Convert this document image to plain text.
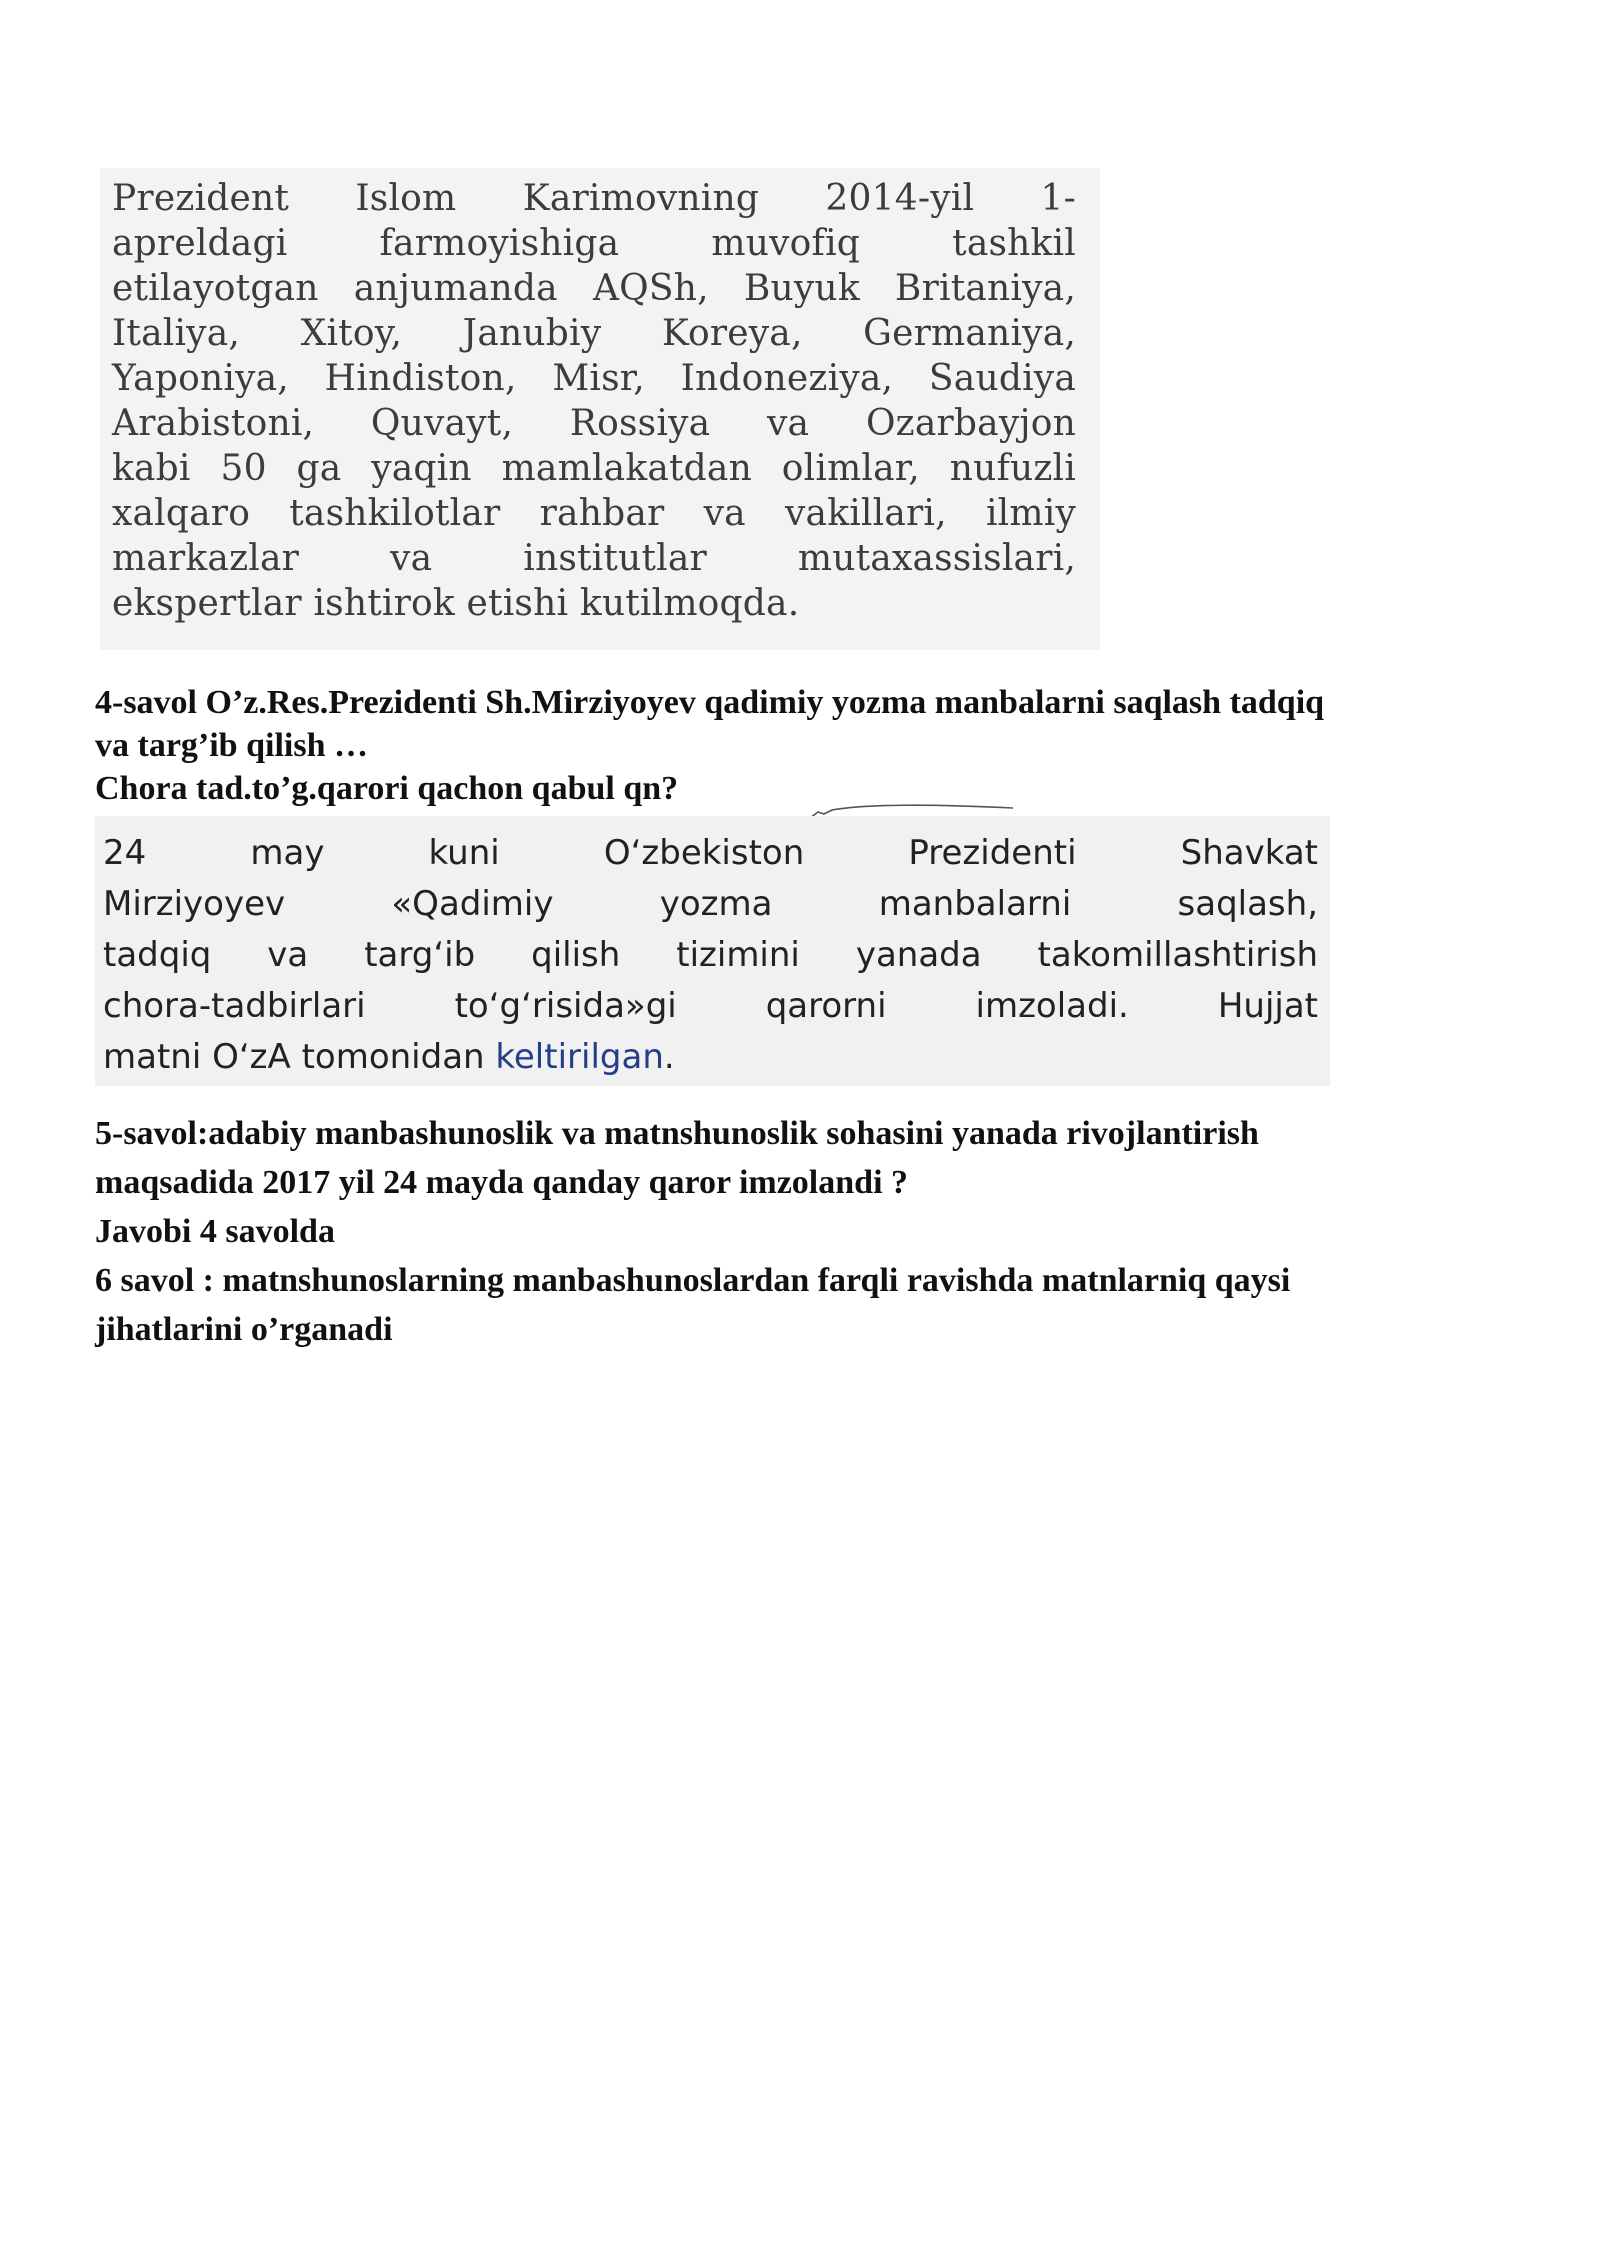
Prezident Islom Karimovning 2014-yil 1-
apreldagi farmoyishiga muvofiq tashkil
etilayotgan anjumanda AQSh, Buyuk Britaniya,
Italiya, Xitoy, Janubiy Koreya, Germaniya,
Yaponiya, Hindiston, Misr, Indoneziya, Saudiya
Arabistoni, Quvayt, Rossiya va Ozarbayjon
kabi 50 ga yaqin mamlakatdan olimlar, nufuzli
xalqaro tashkilotlar rahbar va vakillari, ilmiy
markazlar va institutlar mutaxassislari,
ekspertlar ishtirok etishi kutilmoqda.
4-savol O’z.Res.Prezidenti Sh.Mirziyoyev qadimiy yozma manbalarni saqlash tadqiq
va targ’ib qilish …
Chora tad.to’g.qarori qachon qabul qn?
24 may kuni O‘zbekiston Prezidenti Shavkat
Mirziyoyev «Qadimiy yozma manbalarni saqlash,
tadqiq va targ‘ib qilish tizimini yanada takomillashtirish
chora-tadbirlari to‘g‘risida»gi qarorni imzoladi. Hujjat
matni O‘zA tomonidan keltirilgan.
5-savol:adabiy manbashunoslik va matnshunoslik sohasini yanada rivojlantirish
maqsadida 2017 yil 24 mayda qanday qaror imzolandi ?
Javobi 4 savolda
6 savol : matnshunoslarning manbashunoslardan farqli ravishda matnlarniq qaysi
jihatlarini o’rganadi
